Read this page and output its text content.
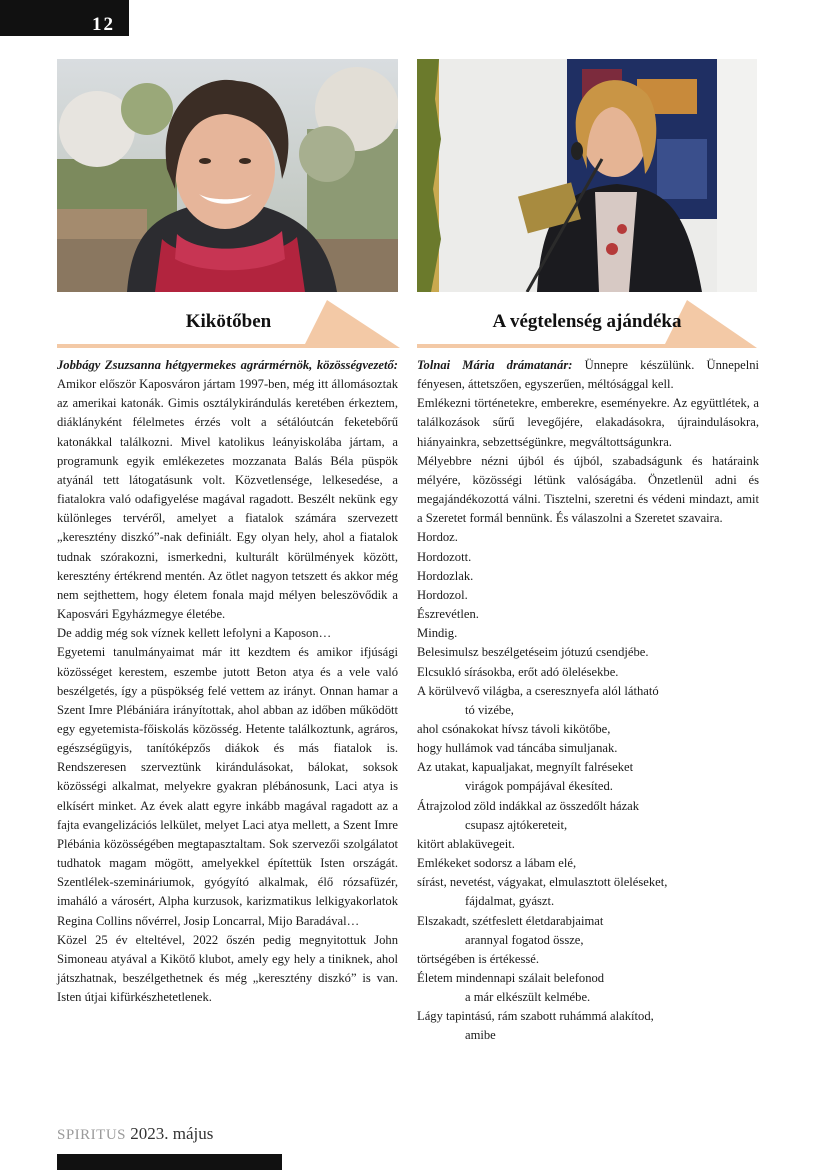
12
Kikötőben	A végtelenség ajándéka

Jobbágy Zsuzsanna hétgyermekes agrármérnök, közösségvezető: Amikor először Kaposváron jártam 1997-ben, még itt állomásoztak az amerikai katonák. Gimis osztálykirándulás keretében érkeztem, diáklányként félelmetes érzés volt a sétálóutcán feketebőrű katonákkal találkozni. Mivel katolikus leányiskolába jártam, a programunk egyik emlékezetes mozzanata Balás Béla püspök atyánál tett látogatásunk volt. Közvetlensége, lelkesedése, a fiatalokra való odafigyelése magával ragadott. Beszélt nekünk egy különleges tervéről, amelyet a fiatalok számára szervezett „keresztény diszkó”-nak definiált. Egy olyan hely, ahol a fiatalok tudnak szórakozni, ismerkedni, kulturált körülmények között, keresztény értékrend mentén. Az ötlet nagyon tetszett és akkor még nem sejthettem, hogy életem fonala majd mélyen beleszövődik a Kaposvári Egyházmegye életébe.

De addig még sok víznek kellett lefolyni a Kaposon…

Egyetemi tanulmányaimat már itt kezdtem és amikor ifjúsági közösséget kerestem, eszembe jutott Beton atya és a vele való beszélgetés, így a püspökség felé vettem az irányt. Onnan hamar a Szent Imre Plébániára irányítottak, ahol abban az időben működött egy egyetemista-főiskolás közösség. Hetente találkoztunk, agráros, egészségügyis, tanítóképzős diákok és más fiatalok is. Rendszeresen szerveztünk kirándulásokat, bálokat, soksok közösségi alkalmat, melyekre gyakran plébánosunk, Laci atya is elkísért minket. Az évek alatt egyre inkább magával ragadott az a fajta evangelizációs lelkület, melyet Laci atya mellett, a Szent Imre Plébánia közösségében megtapasztaltam. Sok szervezői szolgálatot tudhatok magam mögött, amelyekkel építettük Isten országát. Szentlélek-szemináriumok, gyógyító alkalmak, élő rózsafüzér, imaháló a városért, Alpha kurzusok, karizmatikus lelkigyakorlatok Regina Collins nővérrel, Josip Loncarral, Mijo Baradával…

Közel 25 év elteltével, 2022 őszén pedig megnyitottuk John Simoneau atyával a Kikötő klubot, amely egy hely a tiniknek, ahol játszhatnak, beszélgethetnek és még „keresztény diszkó” is van. Isten útjai kifürkészhetetlenek.

Tolnai Mária drámatanár: Ünnepre készülünk. Ünnepelni fényesen, áttetszően, egyszerűen, méltósággal kell.

Emlékezni történetekre, emberekre, eseményekre. Az együttlétek, a találkozások sűrű levegőjére, elakadásokra, újraindulásokra, hiányainkra, sebzettségünkre, megváltottságunkra.

Mélyebbre nézni újból és újból, szabadságunk és határaink mélyére, közösségi létünk valóságába. Önzetlenül adni és megajándékozottá válni. Tisztelni, szeretni és védeni mindazt, amit a Szeretet formál bennünk. És válaszolni a Szeretet szavaira.

Hordoz.
Hordozott.
Hordozlak.
Hordozol.
Észrevétlen.
Mindig.
Belesimulsz beszélgetéseim jótuzú csendjébe.
Elcsukló sírásokba, erőt adó ölelésekbe.
A körülvevő világba, a cseresznyefa alól látható
tó vizébe,
ahol csónakokat hívsz távoli kikötőbe,
hogy hullámok vad táncába simuljanak.
Az utakat, kapualjakat, megnyílt falréseket
virágok pompájával ékesíted.
Átrajzolod zöld indákkal az összedőlt házak
csupasz ajtókereteit,
kitört ablaküvegeit.
Emlékeket sodorsz a lábam elé,
sírást, nevetést, vágyakat, elmulasztott öleléseket,
fájdalmat, gyászt.
Elszakadt, szétfeslett életdarabjaimat
arannyal fogatod össze,
törtségében is értékessé.
Életem mindennapi szálait belefonod
a már elkészült kelmébe.
Lágy tapintású, rám szabott ruhámmá alakítod,
amibe
SPIRITUS 2023. május
